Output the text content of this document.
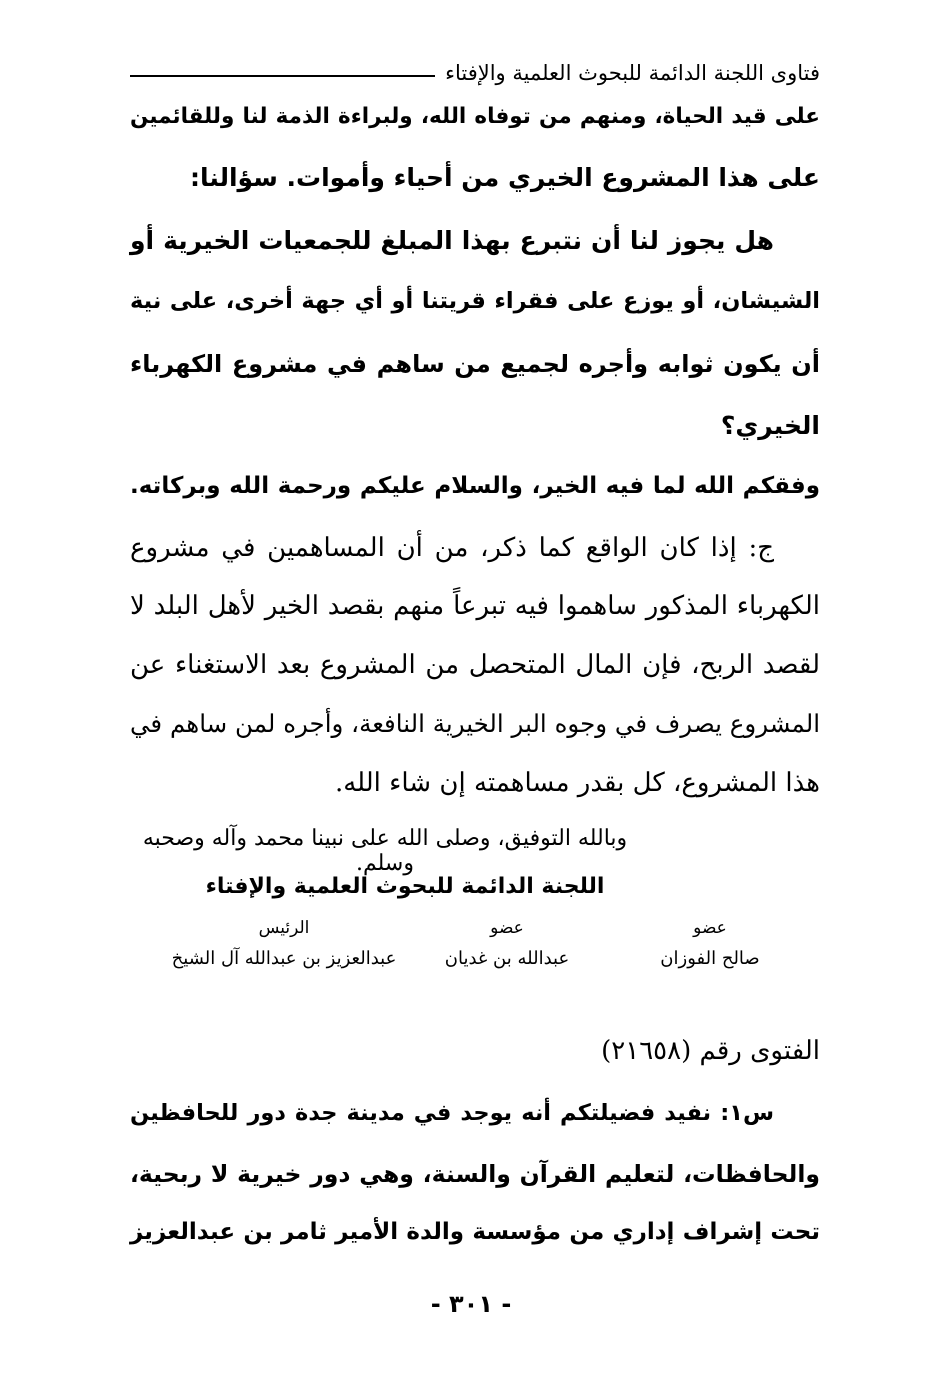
فتاوى اللجنة الدائمة للبحوث العلمية والإفتاء
على قيد الحياة، ومنهم من توفاه الله، ولبراءة الذمة لنا وللقائمين
على هذا المشروع الخيري من أحياء وأموات. سؤالنا:
هل يجوز لنا أن نتبرع بهذا المبلغ للجمعيات الخيرية أو
الشيشان، أو يوزع على فقراء قريتنا أو أي جهة أخرى، على نية
أن يكون ثوابه وأجره لجميع من ساهم في مشروع الكهرباء
الخيري؟
وفقكم الله لما فيه الخير، والسلام عليكم ورحمة الله وبركاته.
ج: إذا كان الواقع كما ذكر، من أن المساهمين في مشروع
الكهرباء المذكور ساهموا فيه تبرعاً منهم بقصد الخير لأهل البلد لا
لقصد الربح، فإن المال المتحصل من المشروع بعد الاستغناء عن
المشروع يصرف في وجوه البر الخيرية النافعة، وأجره لمن ساهم في
هذا المشروع، كل بقدر مساهمته إن شاء الله.
وبالله التوفيق، وصلى الله على نبينا محمد وآله وصحبه وسلم.
اللجنة الدائمة للبحوث العلمية والإفتاء
عضو
صالح الفوزان
عضو
عبدالله بن غديان
الرئيس
عبدالعزيز بن عبدالله آل الشيخ
الفتوى رقم (٢١٦٥٨)
س١: نفيد فضيلتكم أنه يوجد في مدينة جدة دور للحافظين
والحافظات، لتعليم القرآن والسنة، وهي دور خيرية لا ربحية،
تحت إشراف إداري من مؤسسة والدة الأمير ثامر بن عبدالعزيز
- ٣٠١ -
